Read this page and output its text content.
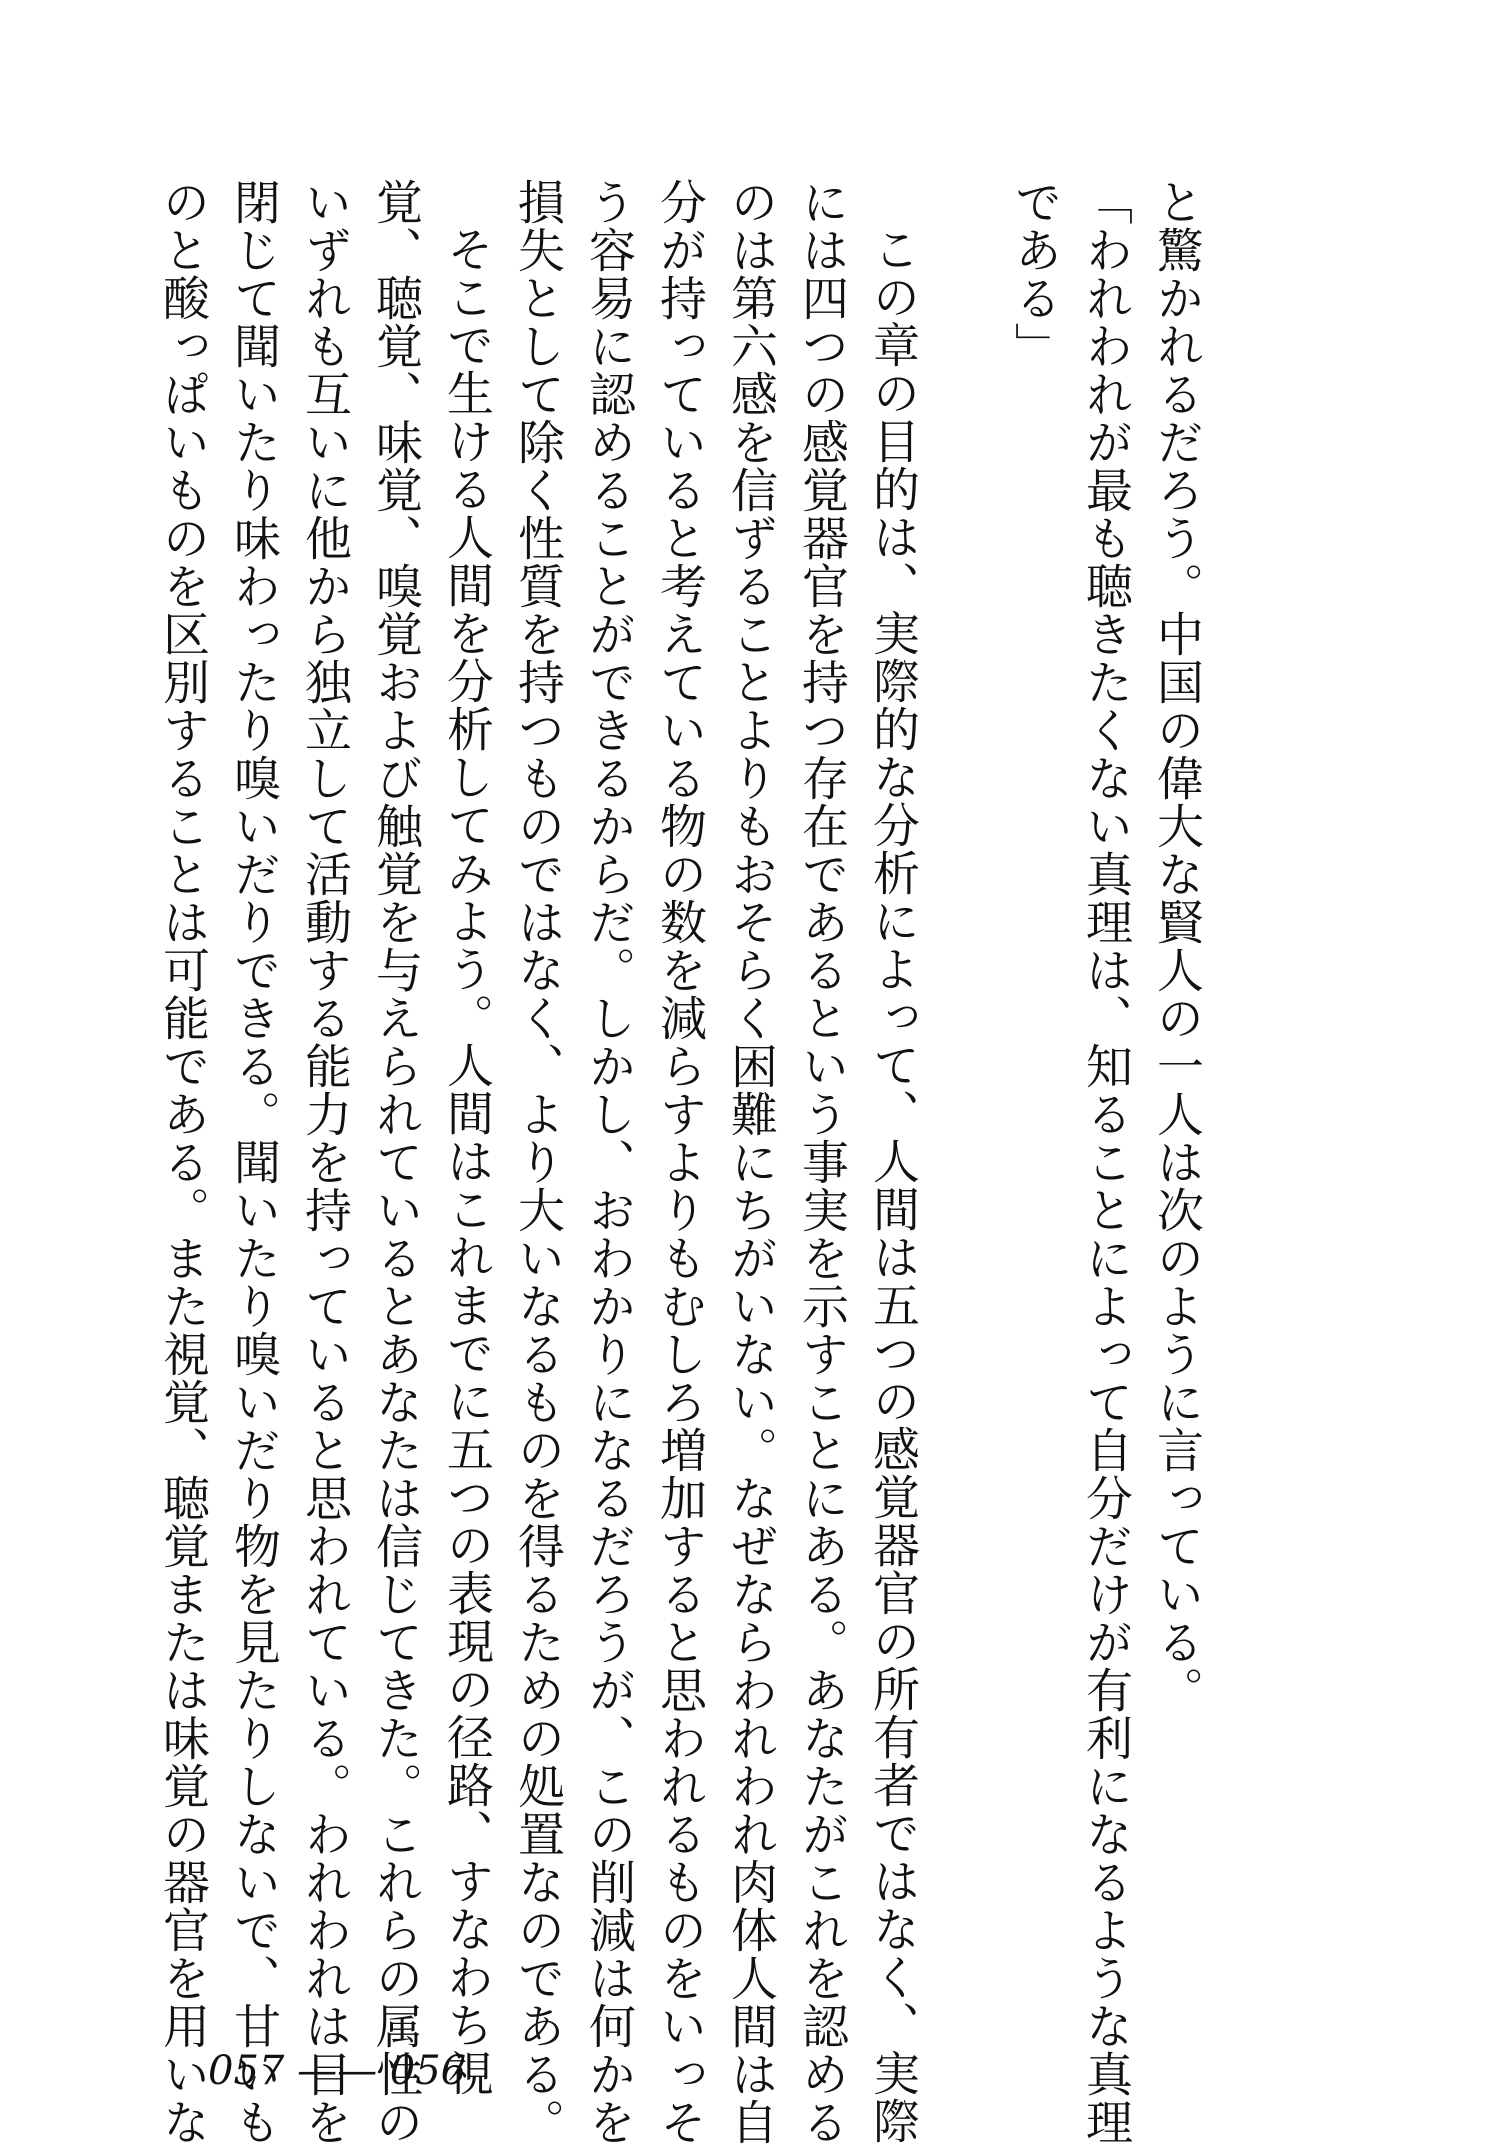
と驚かれるだろう。中国の偉大な賢人の一人は次のように言っている。
「われわれが最も聴きたくない真理は、知ることによって自分だけが有利になるような真理
である」
この章の目的は、実際的な分析によって、人間は五つの感覚器官の所有者ではなく、実際
には四つの感覚器官を持つ存在であるという事実を示すことにある。あなたがこれを認める
のは第六感を信ずることよりもおそらく困難にちがいない。なぜならわれわれ肉体人間は自
分が持っていると考えている物の数を減らすよりもむしろ増加すると思われるものをいっそ
う容易に認めることができるからだ。しかし、おわかりになるだろうが、この削減は何かを
損失として除く性質を持つものではなく、より大いなるものを得るための処置なのである。
そこで生ける人間を分析してみよう。人間はこれまでに五つの表現の径路、すなわち視
覚、聴覚、味覚、嗅覚および触覚を与えられているとあなたは信じてきた。これらの属性の
いずれも互いに他から独立して活動する能力を持っていると思われている。われわれは目を
閉じて聞いたり味わったり嗅いだりできる。聞いたり嗅いだり物を見たりしないで、甘いも
のと酸っぱいものを区別することは可能である。また視覚、聴覚または味覚の器官を用いな
057 —— 056
